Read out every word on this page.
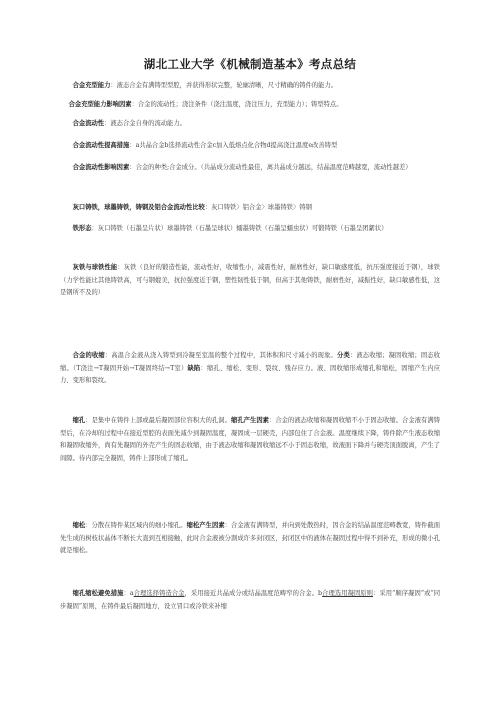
湖北工业大学《机械制造基本》考点总结
合金充型能力：液态合金有满铸型型腔，并获得形状完整，轮廓清晰，尺寸精确的铸件的能力。
合金充型能力影响因素：合金的流动性；浇注条件（浇注温度，浇注压力，充型能力）；铸型特点。
合金流动性：液态合金自身的流动能力。
合金流动性提高措施：a共晶合金b选择流动性合金c加入低熔点化合物d提高浇注温度e改善铸型
合金流动性影响因素：合金的种类;合金成分。（共晶成分流动性最佳，离共晶成分越远，结晶温度范畴越宽，流动性越差）
灰口铸铁，球墨铸铁，铸钢及铝合金流动性比较：灰口铸铁〉铝合金〉球墨铸铁〉铸钢
铁形态：灰口铸铁（石墨呈片状）球墨铸铁（石墨呈球状）蠕墨铸铁（石墨呈蠕虫状）可锻铸铁（石墨呈团絮状）
灰铁与球铁性能：灰铁（良好的锻造性能，流动性好，收缩性小，减震性好，耐磨性好，缺口敏感度低，抗压强度接近于钢），球铁（力学性能比其他铸铁高，可与钢媲美，抗拉强度近于钢，塑性韧性低于钢，但高于其他铸铁，耐磨性好，减振性好，缺口敏感性低，这是钢所不及的）
合金的收缩：高温合金液从浇入铸型到冷凝至室温的整个过程中，其体积和尺寸减小的现象。分类：液态收缩；凝固收缩；固态收缩。（T浇注→T凝固开始→T凝固终结→T室）缺陷：缩孔、缩松、变形、裂纹、残存应力。液、固收缩形成缩孔和缩松，固缩产生内应力、变形和裂纹。
缩孔：是集中在铸件上部或最后凝固部位容积大的孔洞。缩孔产生因素：合金的液态收缩和凝固收缩不小于固态收缩。合金液有满铸型后，在冷却的过程中在接近型腔的表面先减少到凝固温度，凝固成一层硬壳，内部包住了合金液。温度继续下降，铸件除产生液态收缩和凝固收缩外，尚有先凝固的外壳产生的固态收缩，由于液态收缩和凝固收缩远不小于固态收缩，故液面下降并与硬壳顶面脱离，产生了间隙。待内部完全凝固，铸件上部形成了缩孔。
缩松：分散在铸件某区域内的细小缩孔。缩松产生因素：合金液有满铸型，并向到处散热时，因合金的结晶温度范畴教宽，铸件截面先生成的树枝状晶体不断长大直到互相接触，此时合金液被分割成许多封闭区，封闭区中的液体在凝固过程中得不到补充，形成的微小孔就是缩松。
缩孔缩松避免措施：a合理选择铸造合金，采用接近共晶成分或结晶温度范畴窄的合金。b合理选用凝固原则：采用“顺序凝固”或“同步凝固”原则，在铸件最后凝固地方，设立冒口或冷铁来补缩
